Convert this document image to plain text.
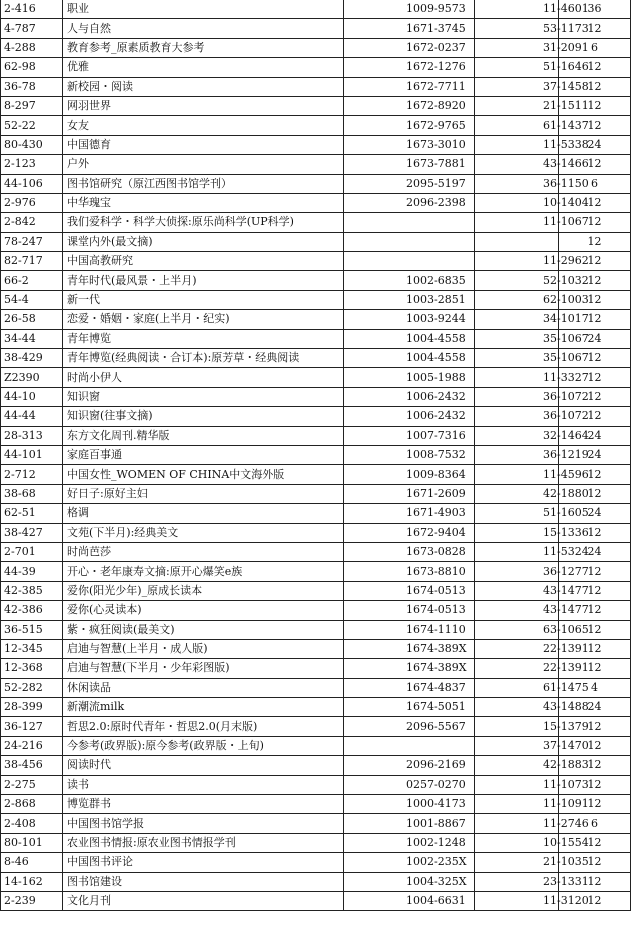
2-416	职业	1009-9573	11-4601	36
4-787	人与自然	1671-3745	53-1173	12
4-288	教育参考_原素质教育大参考	1672-0237	31-2091	6
62-98	优雅	1672-1276	51-1646	12
36-78	新校园・阅读	1672-7711	37-1458	12
8-297	网羽世界	1672-8920	21-1511	12
52-22	女友	1672-9765	61-1437	12
80-430	中国德育	1673-3010	11-5338	24
2-123	户外	1673-7881	43-1466	12
44-106	图书馆研究（原江西图书馆学刊）	2095-5197	36-1150	6
2-976	中华瑰宝	2096-2398	10-1404	12
2-842	我们爱科学・科学大侦探:原乐尚科学(UP科学)		11-1067	12
78-247	课堂内外(最文摘)			12
82-717	中国高教研究		11-2962	12
66-2	青年时代(最风景・上半月)	1002-6835	52-1032	12
54-4	新一代	1003-2851	62-1003	12
26-58	恋爱・婚姻・家庭(上半月・纪实)	1003-9244	34-1017	12
34-44	青年博览	1004-4558	35-1067	24
38-429	青年博览(经典阅读・合订本):原芳草・经典阅读	1004-4558	35-1067	12
Z2390	时尚小伊人	1005-1988	11-3327	12
44-10	知识窗	1006-2432	36-1072	12
44-44	知识窗(往事文摘)	1006-2432	36-1072	12
28-313	东方文化周刊.精华版	1007-7316	32-1464	24
44-101	家庭百事通	1008-7532	36-1219	24
2-712	中国女性_WOMEN OF CHINA中文海外版	1009-8364	11-4596	12
38-68	好日子:原好主妇	1671-2609	42-1880	12
62-51	格调	1671-4903	51-1605	24
38-427	文苑(下半月):经典美文	1672-9404	15-1336	12
2-701	时尚芭莎	1673-0828	11-5324	24
44-39	开心・老年康寿文摘:原开心爆笑e族	1673-8810	36-1277	12
42-385	爱你(阳光少年)_原成长读本	1674-0513	43-1477	12
42-386	爱你(心灵读本)	1674-0513	43-1477	12
36-515	紫・疯狂阅读(最美文)	1674-1110	63-1065	12
12-345	启迪与智慧(上半月・成人版)	1674-389X	22-1391	12
12-368	启迪与智慧(下半月・少年彩图版)	1674-389X	22-1391	12
52-282	休闲读品	1674-4837	61-1475	4
28-399	新潮流milk	1674-5051	43-1488	24
36-127	哲思2.0:原时代青年・哲思2.0(月末版)	2096-5567	15-1379	12
24-216	今参考(政界版):原今参考(政界版・上旬)		37-1470	12
38-456	阅读时代	2096-2169	42-1883	12
2-275	读书	0257-0270	11-1073	12
2-868	博览群书	1000-4173	11-1091	12
2-408	中国图书馆学报	1001-8867	11-2746	6
80-101	农业图书情报:原农业图书情报学刊	1002-1248	10-1554	12
8-46	中国图书评论	1002-235X	21-1035	12
14-162	图书馆建设	1004-325X	23-1331	12
2-239	文化月刊	1004-6631	11-3120	12
